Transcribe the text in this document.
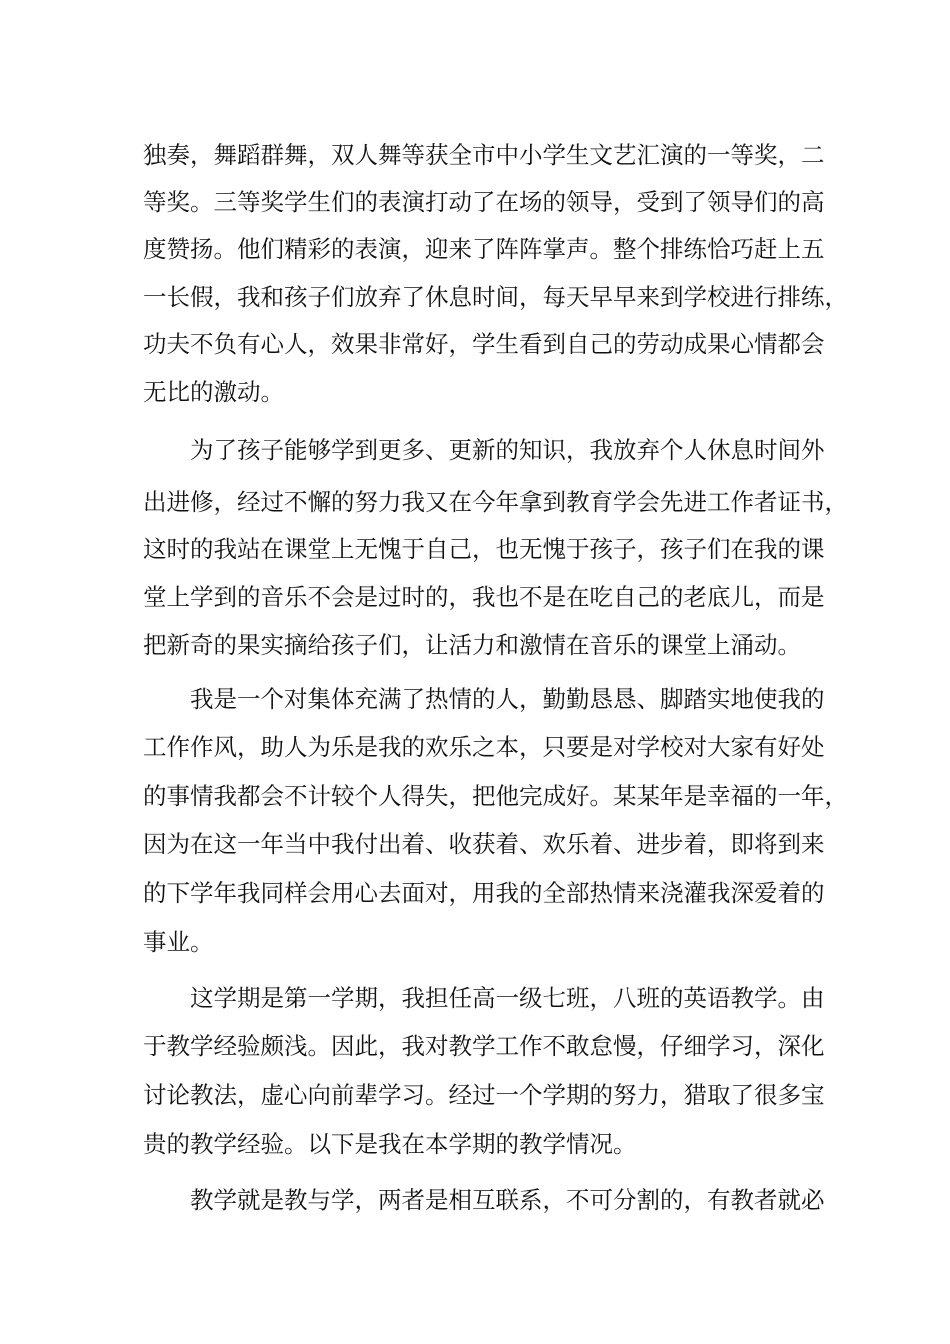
独奏，舞蹈群舞，双人舞等获全市中小学生文艺汇演的一等奖，二
等奖。三等奖学生们的表演打动了在场的领导，受到了领导们的高
度赞扬。他们精彩的表演，迎来了阵阵掌声。整个排练恰巧赶上五
一长假，我和孩子们放弃了休息时间，每天早早来到学校进行排练，
功夫不负有心人，效果非常好，学生看到自己的劳动成果心情都会
无比的激动。
为了孩子能够学到更多、更新的知识，我放弃个人休息时间外
出进修，经过不懈的努力我又在今年拿到教育学会先进工作者证书，
这时的我站在课堂上无愧于自己，也无愧于孩子，孩子们在我的课
堂上学到的音乐不会是过时的，我也不是在吃自己的老底儿，而是
把新奇的果实摘给孩子们，让活力和激情在音乐的课堂上涌动。
我是一个对集体充满了热情的人，勤勤恳恳、脚踏实地使我的
工作作风，助人为乐是我的欢乐之本，只要是对学校对大家有好处
的事情我都会不计较个人得失，把他完成好。某某年是幸福的一年，
因为在这一年当中我付出着、收获着、欢乐着、进步着，即将到来
的下学年我同样会用心去面对，用我的全部热情来浇灌我深爱着的
事业。
这学期是第一学期，我担任高一级七班，八班的英语教学。由
于教学经验颇浅。因此，我对教学工作不敢怠慢，仔细学习，深化
讨论教法，虚心向前辈学习。经过一个学期的努力，猎取了很多宝
贵的教学经验。以下是我在本学期的教学情况。
教学就是教与学，两者是相互联系，不可分割的，有教者就必
